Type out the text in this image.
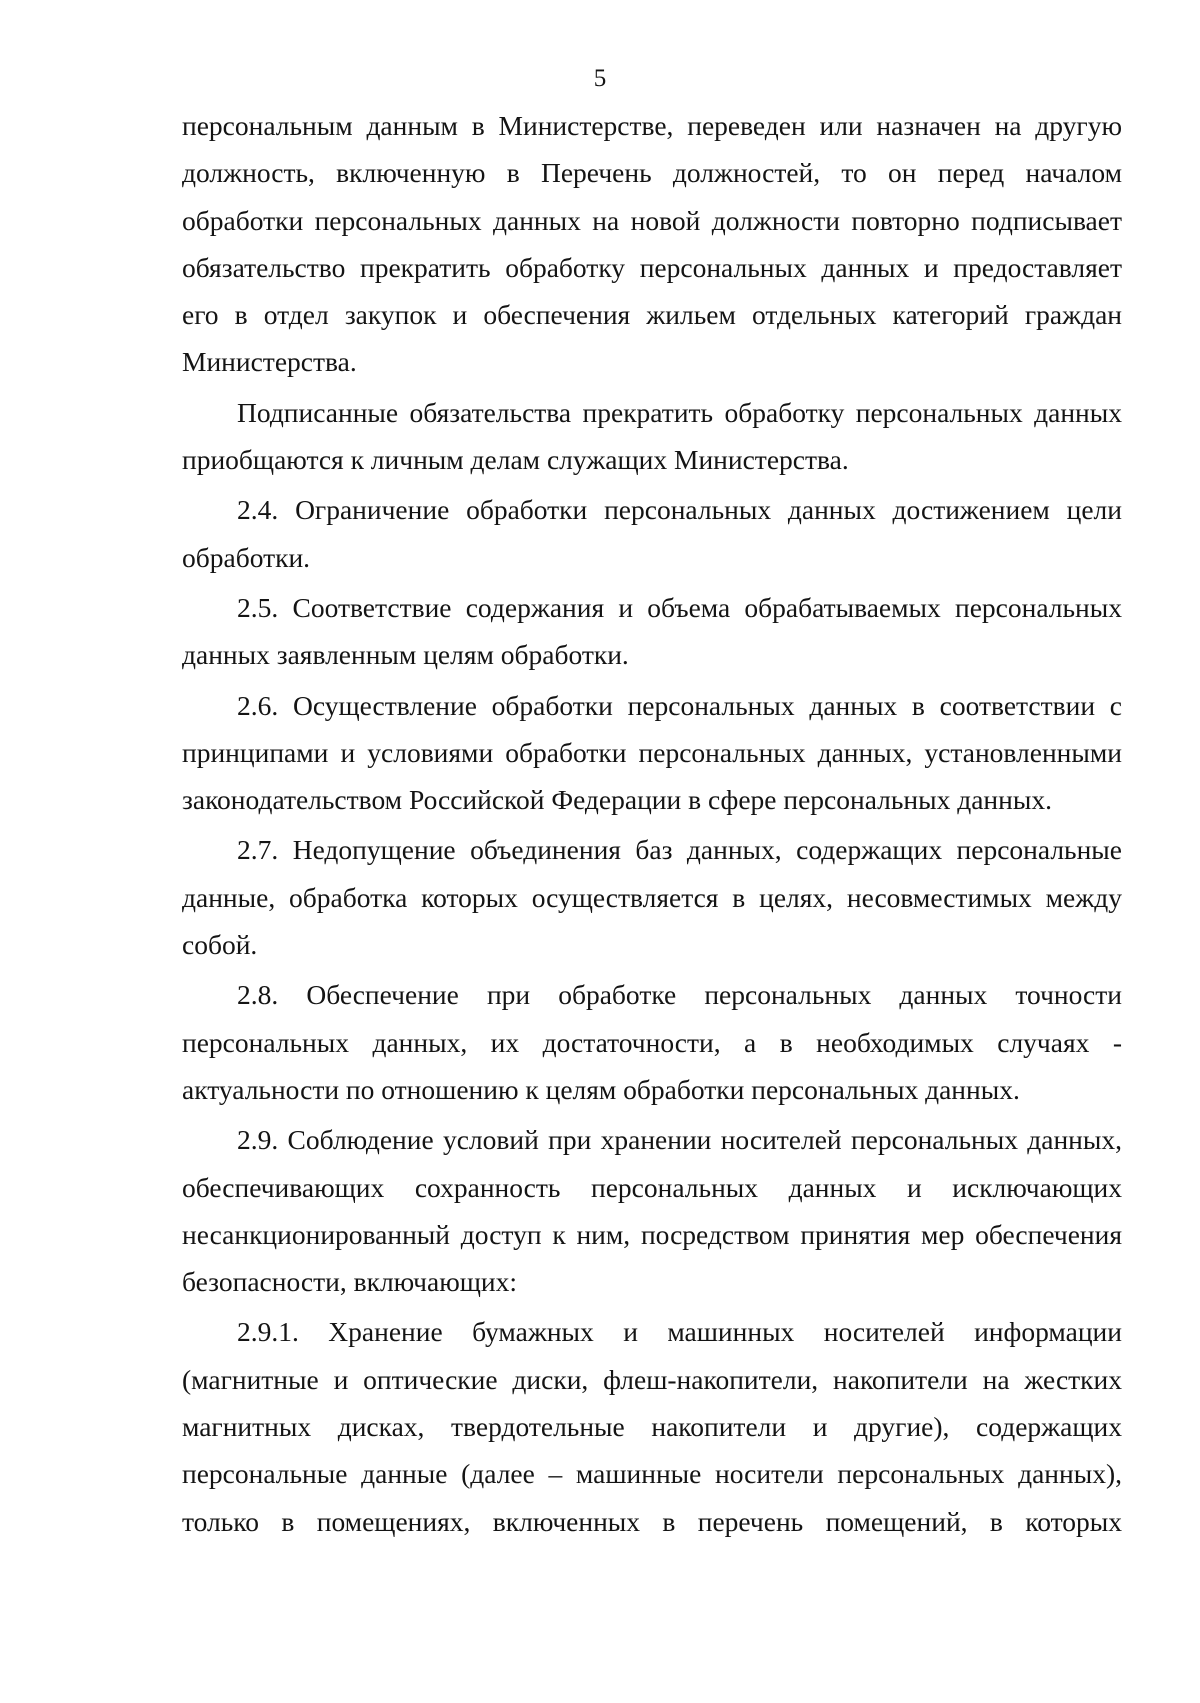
5
персональным данным в Министерстве, переведен или назначен на другую
должность, включенную в Перечень должностей, то он перед началом
обработки персональных данных на новой должности повторно подписывает
обязательство прекратить обработку персональных данных и предоставляет
его в отдел закупок и обеспечения жильем отдельных категорий граждан
Министерства.
Подписанные обязательства прекратить обработку персональных данных
приобщаются к личным делам служащих Министерства.
2.4. Ограничение обработки персональных данных достижением цели
обработки.
2.5. Соответствие содержания и объема обрабатываемых персональных
данных заявленным целям обработки.
2.6. Осуществление обработки персональных данных в соответствии с
принципами и условиями обработки персональных данных, установленными
законодательством Российской Федерации в сфере персональных данных.
2.7. Недопущение объединения баз данных, содержащих персональные
данные, обработка которых осуществляется в целях, несовместимых между
собой.
2.8. Обеспечение при обработке персональных данных точности
персональных данных, их достаточности, а в необходимых случаях -
актуальности по отношению к целям обработки персональных данных.
2.9. Соблюдение условий при хранении носителей персональных данных,
обеспечивающих сохранность персональных данных и исключающих
несанкционированный доступ к ним, посредством принятия мер обеспечения
безопасности, включающих:
2.9.1. Хранение бумажных и машинных носителей информации
(магнитные и оптические диски, флеш-накопители, накопители на жестких
магнитных дисках, твердотельные накопители и другие), содержащих
персональные данные (далее – машинные носители персональных данных),
только в помещениях, включенных в перечень помещений, в которых
